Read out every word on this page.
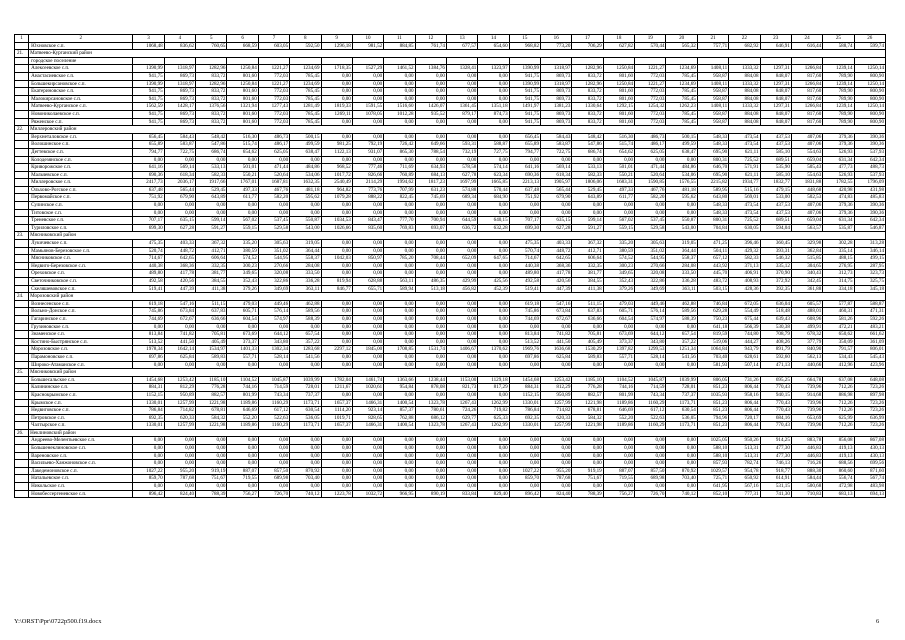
1	2	3	4	5	6	7	8	9	10	11	12	13	14	15	16	17	18	19	20	21	22	23	24	25	26
	Юхновское с.п.	1068,48	836,62	760,65	668,59	603,05	592,50	1296,18	981,52	884,85	761,74	677,57	654,60	968,82	773,20	706,29	627,82	570,44	565,32	757,71	682,92	646,91	616,44	588,74	599,74
21.	Матвеево-Курганский район																								
	городское поселение																								
	Алексеевское с.п.	1390,99	1318,97	1282,96	1250,84	1221,27	1234,69	1718,35	1527,29	1461,52	1384,76	1328,41	1323,97	1390,99	1318,97	1282,96	1250,84	1221,27	1234,69	1408,11	1333,32	1297,31	1266,84	1239,14	1250,14
	Анастасиевское с.п.	941,75	869,73	833,72	801,60	772,03	785,45	0,00	0,00	0,00	0,00	0,00	0,00	941,75	869,73	833,72	801,60	772,03	785,45	958,87	884,08	848,07	817,60	789,90	800,90
	Большекирсановское с.п.	1390,99	1318,97	1282,96	1250,84	1221,27	1234,69	0,00	0,00	0,00	0,00	0,00	0,00	1390,99	1318,97	1282,96	1250,84	1221,27	1234,69	1408,11	1333,32	1297,31	1266,84	1239,14	1250,14
	Екатериновское с.п.	941,75	869,73	833,72	801,60	772,03	785,45	0,00	0,00	0,00	0,00	0,00	0,00	941,75	869,73	833,72	801,60	772,03	785,45	958,87	884,08	848,07	817,60	789,90	800,90
	Малокирсановское с.п.	941,75	869,73	833,72	801,60	772,03	785,45	0,00	0,00	0,00	0,00	0,00	0,00	941,75	869,73	833,72	801,60	772,03	785,45	958,87	884,08	848,07	817,60	789,90	800,90
	Матвеево-Курганское с.п.	1562,59	1428,17	1376,56	1321,94	1277,43	1281,49	1819,33	1591,55	1516,60	1426,07	1361,45	1351,18	1491,97	1381,23	1330,64	1292,15	1254,32	1262,23	1408,11	1333,32	1297,31	1266,84	1239,14	1250,14
	Новониколаевское с.п.	941,75	869,73	833,72	801,60	772,03	785,45	1269,11	1078,05	1012,28	935,52	879,17	874,73	941,75	869,73	833,72	801,60	772,03	785,45	958,87	884,08	848,07	817,60	789,90	800,90
	Ряженское с.п.	941,75	869,73	833,72	801,60	772,03	785,45	0,00	0,00	0,00	0,00	0,00	0,00	941,75	869,73	833,72	801,60	772,03	785,45	958,87	884,08	848,07	817,60	789,90	800,90
22.	Миллеровский район																								
	Верхнеталовское с.п.	656,45	584,43	548,42	516,30	486,73	500,15	0,00	0,00	0,00	0,00	0,00	0,00	656,45	584,43	548,42	516,30	486,73	500,15	548,33	473,54	437,53	407,06	379,36	390,36
	Волошинское с.п.	655,89	583,87	547,86	515,74	486,17	499,59	981,25	792,19	726,42	649,66	593,31	588,87	655,89	583,87	547,86	515,74	486,17	499,59	548,33	473,54	437,53	407,06	379,36	390,36
	Дегтевское с.п.	794,77	722,75	686,74	654,62	625,05	638,47	1122,13	931,07	865,30	788,54	732,19	727,75	794,77	722,75	686,74	654,62	625,05	638,47	695,90	621,11	585,10	554,63	526,93	537,93
	Колодезянское с.п.	0,00	0,00	0,00	0,00	0,00	0,00	0,00	0,00	0,00	0,00	0,00	0,00	0,00	0,00	0,00	0,00	0,00	0,00	800,31	725,52	689,51	659,04	631,34	642,34
	Криворожское с.п.	641,16	569,14	533,13	501,01	471,44	484,86	968,52	777,46	711,69	634,93	578,58	574,14	641,16	569,14	533,13	501,01	471,44	484,86	646,70	571,91	535,90	505,43	477,73	488,73
	Мальчевское с.п.	690,36	618,34	582,33	550,21	520,64	534,06	1017,72	826,66	760,89	684,13	627,78	623,34	690,36	618,34	582,33	550,21	520,64	534,06	695,90	621,11	585,10	554,63	526,93	537,93
	Миллеровское с.п.	2417,73	2036,17	1917,66	1767,01	1687,81	1632,35	2540,49	2114,29	1994,62	1817,23	1697,99	1665,85	2213,13	1905,97	1806,06	1683,31	1590,85	1576,55	2215,82	1934,77	1832,77	1831,88	1782,55	1796,09
	Ольхово-Рогское с.п.	637,48	565,44	529,45	497,33	467,76	481,18	964,82	773,76	707,99	631,23	574,88	570,44	637,48	565,44	529,45	497,33	467,76	481,18	589,95	515,16	479,15	448,68	420,98	431,98
	Первомайское с.п.	751,92	679,90	643,89	611,77	582,20	595,62	1079,28	888,22	822,45	745,69	689,34	684,90	751,92	679,90	643,89	611,77	582,20	595,62	643,80	569,01	533,00	502,53	474,83	485,83
	Сулинское с.п.	0,00	0,00	0,00	0,00	0,00	0,00	0,00	0,00	0,00	0,00	0,00	0,00	0,00	0,00	0,00	0,00	0,00	0,00	548,33	473,54	437,53	407,06	379,36	390,36
	Титовское с.п.	0,00	0,00	0,00	0,00	0,00	0,00	0,00	0,00	0,00	0,00	0,00	0,00	0,00	0,00	0,00	0,00	0,00	0,00	548,33	473,54	437,53	407,06	379,36	390,36
	Треневское с.п.	707,17	635,15	599,14	567,02	537,45	550,87	1034,53	843,47	777,70	700,94	644,59	640,15	707,17	635,15	599,14	567,02	537,45	550,87	800,31	725,52	689,51	659,04	631,34	642,34
	Туриловское с.п.	699,30	627,28	591,27	559,15	529,58	543,00	1026,66	835,60	769,83	693,07	636,72	632,28	699,30	627,28	591,27	559,15	529,58	543,00	704,84	630,05	594,04	563,57	535,87	546,87
23.	Мясниковский район																								
	Лукичевское с.п.	475,35	403,33	367,32	335,20	305,63	319,05	0,00	0,00	0,00	0,00	0,00	0,00	475,35	403,33	367,32	335,20	305,63	319,05	471,25	396,46	360,45	329,98	302,28	313,28
	Мамьянов-Березовское с.п.	520,74	448,72	412,71	380,59	351,02	364,44	0,00	0,00	0,00	0,00	0,00	0,00	570,74	448,72	412,71	380,59	351,02	364,44	504,11	429,32	393,31	362,84	335,14	346,14
	Мясниковское с.п.	714,67	642,65	606,64	574,52	544,95	558,37	1042,03	850,97	785,20	708,44	652,09	647,65	714,67	642,65	606,64	574,52	544,95	558,37	657,12	582,33	546,32	515,85	488,15	499,15
	Недвиго-Березовское с.п.	440,38	368,36	332,35	300,23	270,66	284,08	0,00	0,00	0,00	0,00	0,00	0,00	440,38	368,36	332,35	300,23	270,66	284,08	443,92	371,13	335,12	304,65	276,95	287,95
	Ореховское с.п.	489,80	417,78	381,77	349,65	320,08	333,50	0,00	0,00	0,00	0,00	0,00	0,00	489,80	417,78	381,77	349,65	320,08	333,50	445,70	406,91	370,90	340,43	312,73	323,73
	Светочниковское с.п.	492,58	420,56	384,55	352,43	322,86	336,28	819,94	628,88	563,11	486,35	429,99	425,56	492,58	420,56	384,55	352,43	322,86	336,28	483,72	408,93	372,92	342,45	314,75	325,75
	Скеляшевовское с.п.	519,41	447,39	411,38	379,26	349,69	363,11	846,77	655,71	589,94	513,18	456,82	452,39	519,41	447,39	411,38	379,26	349,69	363,11	503,15	428,36	392,35	361,88	334,18	345,18
24.	Морозовский район																								
	Вознесенское с.п.	619,18	547,16	511,15	479,03	449,46	462,88	0,00	0,00	0,00	0,00	0,00	0,00	619,18	547,16	511,15	479,03	449,46	462,88	746,84	672,05	636,04	605,57	577,87	588,87
	Вольно-Донское с.п.	745,86	673,84	637,83	605,71	576,14	589,56	0,00	0,00	0,00	0,00	0,00	0,00	745,86	673,84	637,83	605,71	576,14	589,56	629,28	554,49	518,48	488,01	460,31	471,31
	Гагаринское с.п.	744,69	672,67	636,66	604,54	574,97	588,39	0,00	0,00	0,00	0,00	0,00	0,00	744,69	672,67	636,66	604,54	574,97	588,39	750,23	675,44	639,43	608,96	581,26	592,26
	Грузиновское с.п.	0,00	0,00	0,00	0,00	0,00	0,00	0,00	0,00	0,00	0,00	0,00	0,00	0,00	0,00	0,00	0,00	0,00	0,00	641,18	566,39	530,38	499,91	472,21	483,21
	Знаменское с.п.	813,84	741,82	705,81	673,69	644,12	657,54	0,00	0,00	0,00	0,00	0,00	0,00	813,84	741,82	705,81	673,69	644,12	657,54	819,59	744,80	708,79	678,32	650,62	661,62
	Костино-Быстрянское с.п.	513,52	441,50	405,49	373,37	343,80	357,22	0,00	0,00	0,00	0,00	0,00	0,00	513,52	441,50	405,49	373,37	343,80	357,22	519,06	444,27	408,26	377,79	350,09	361,09
	Морозовское с.п.	1978,34	1642,14	1534,97	1401,33	1302,34	1283,68	2297,12	1845,00	1708,85	1531,74	1406,67	1370,62	1969,76	1636,68	1530,29	1397,82	1299,53	1251,34	1064,84	943,79	891,79	840,90	791,57	806,01
	Парамоновское с.п.	697,86	625,84	589,83	557,71	528,14	541,56	0,00	0,00	0,00	0,00	0,00	0,00	697,86	625,84	589,83	557,71	528,14	541,56	703,40	628,61	592,60	562,13	534,43	545,43
	Широко-Атаманское с.п.	0,00	0,00	0,00	0,00	0,00	0,00	0,00	0,00	0,00	0,00	0,00	0,00	0,00	0,00	0,00	0,00	0,00	0,00	581,93	507,14	471,13	440,66	412,96	423,96
25.	Мясниковский район																								
	Большесальское с.п.	1454,68	1253,42	1185,10	1104,52	1045,87	1039,99	1782,04	1461,74	1363,66	1238,44	1153,00	1129,18	1454,68	1253,42	1185,10	1104,52	1045,87	1039,99	806,05	731,26	695,25	664,78	637,08	648,08
	Калининское с.п.	884,31	812,29	776,28	744,16	714,59	728,01	1211,67	1020,61	954,84	878,08	821,73	817,29	884,31	812,29	776,28	744,16	714,59	728,01	851,23	806,44	770,43	739,96	712,26	723,26
	Краснокрымское с.п.	1152,15	950,89	882,57	801,99	743,34	737,37	0,00	0,00	0,00	0,00	0,00	0,00	1152,15	950,89	882,57	801,99	743,34	737,37	1035,93	958,16	940,15	914,68	886,98	897,98
	Крымское с.п.	1330,01	1257,99	1221,98	1189,86	1160,29	1173,71	1657,37	1466,31	1400,54	1323,78	1267,43	1262,99	1330,01	1257,99	1221,98	1189,86	1160,29	1173,71	851,23	806,44	770,43	739,96	712,26	723,26
	Недвиговское с.п.	786,84	714,82	678,81	646,69	617,12	630,54	1114,20	923,14	857,37	780,61	724,26	719,82	786,84	714,82	678,81	646,69	617,12	630,54	851,23	806,44	770,43	739,96	712,26	723,26
	Петровское с.п.	692,35	620,33	584,32	552,20	522,63	536,05	1019,71	828,65	762,88	686,12	629,77	625,33	692,35	620,33	584,32	552,20	522,63	536,05	794,96	720,17	684,16	653,69	625,99	636,99
	Чалтырское с.п.	1330,01	1257,99	1221,98	1189,86	1160,29	1173,71	1657,37	1466,31	1400,54	1323,78	1267,43	1262,99	1330,01	1257,99	1221,98	1189,86	1160,29	1173,71	851,23	806,44	770,43	739,96	712,26	723,26
26.	Неклиновский район																								
	Андреево-Мелентьевское с.п.	0,00	0,00	0,00	0,00	0,00	0,00	0,00	0,00	0,00	0,00	0,00	0,00	0,00	0,00	0,00	0,00	0,00	0,00	1025,05	950,26	914,25	883,78	856,08	867,08
	Большенеклиновское с.п.	0,00	0,00	0,00	0,00	0,00	0,00	0,00	0,00	0,00	0,00	0,00	0,00	0,00	0,00	0,00	0,00	0,00	0,00	588,10	513,31	477,30	446,83	419,13	430,13
	Вареновское с.п.	0,00	0,00	0,00	0,00	0,00	0,00	0,00	0,00	0,00	0,00	0,00	0,00	0,00	0,00	0,00	0,00	0,00	0,00	588,10	513,31	477,30	446,83	419,13	430,13
	Васильево-Ханжоновское с.п.	0,00	0,00	0,00	0,00	0,00	0,00	0,00	0,00	0,00	0,00	0,00	0,00	0,00	0,00	0,00	0,00	0,00	0,00	857,93	782,74	746,13	716,26	688,56	699,56
	Лакедемоновское с.п.	1027,22	955,20	919,19	887,07	857,50	870,92	0,00	0,00	0,00	0,00	0,00	0,00	1027,22	955,20	919,19	887,07	857,50	870,92	1029,57	954,78	918,77	888,30	860,60	871,60
	Натальевское с.п.	859,70	787,68	751,67	719,55	689,98	703,40	0,00	0,00	0,00	0,00	0,00	0,00	859,70	787,68	751,67	719,55	689,98	703,40	725,71	650,92	614,91	584,44	556,74	567,74
	Никольское с.п.	0,00	0,00	0,00	0,00	0,00	0,00	0,00	0,00	0,00	0,00	0,00	0,00	0,00	0,00	0,00	0,00	0,00	0,00	641,95	567,16	531,15	500,68	472,98	483,98
	Новобессергеневское с.п.	896,42	824,40	788,39	756,27	726,70	740,12	1223,78	1032,72	966,95	890,19	833,84	829,40	896,42	824,40	788,39	756,27	726,70	740,12	852,10	777,31	741,30	710,83	683,13	694,13
Y:\ORST\Ppr\0722p500.f19.docx	6
